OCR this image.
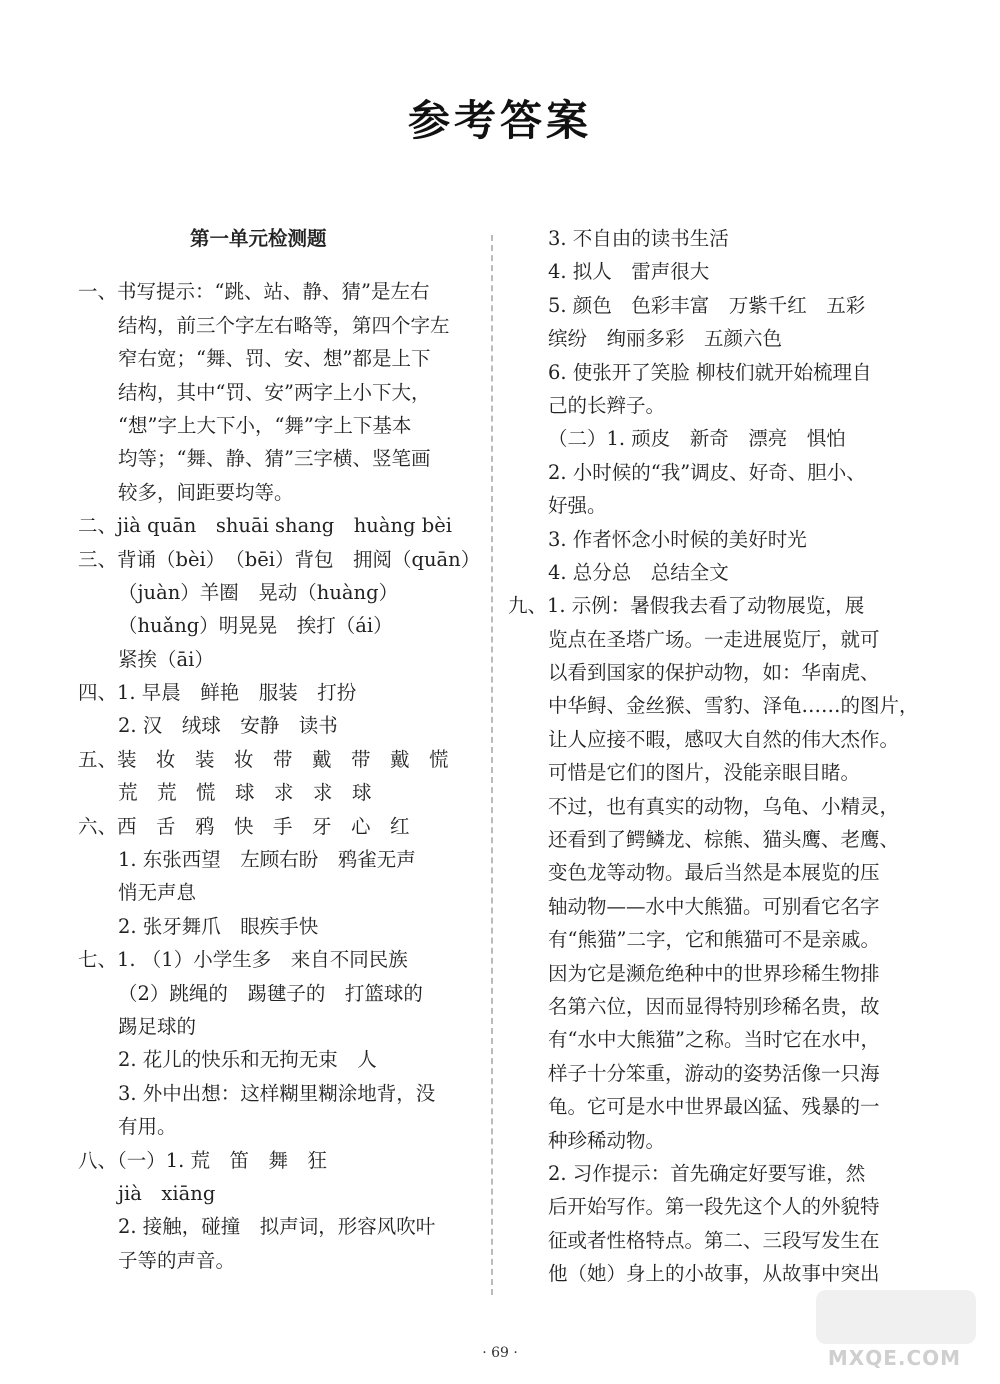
参考答案
第一单元检测题
一、书写提示：“跳、站、静、猜”是左右
结构，前三个字左右略等，第四个字左
窄右宽；“舞、罚、安、想”都是上下
结构，其中“罚、安”两字上小下大，
“想”字上大下小，“舞”字上下基本
均等；“舞、静、猜”三字横、竖笔画
较多，间距要均等。
二、jià quān　shuāi shang　huàng bèi
三、背诵（bèi）　（bēi）背包　拥阅（quān）
（juàn）羊圈　晃动（huàng）
（huǎng）明晃晃　挨打（ái）
紧挨（āi）
四、1. 早晨　鲜艳　服装　打扮
2. 汉　绒球　安静　读书
五、装　妆　装　妆　带　戴　带　戴　慌
荒　荒　慌　球　求　求　球
六、西　舌　鸦　快　手　牙　心　红
1. 东张西望　左顾右盼　鸦雀无声
悄无声息
2. 张牙舞爪　眼疾手快
七、1. （1）小学生多　来自不同民族
（2）跳绳的　踢毽子的　打篮球的
踢足球的
2. 花儿的快乐和无拘无束　人
3. 外中出想：这样糊里糊涂地背，没
有用。
八、（一）1. 荒　笛　舞　狂
jià　xiāng
2. 接触，碰撞　拟声词，形容风吹叶
子等的声音。
3. 不自由的读书生活
4. 拟人　雷声很大
5. 颜色　色彩丰富　万紫千红　五彩
缤纷　绚丽多彩　五颜六色
6. 使张开了笑脸 柳枝们就开始梳理自
己的长辫子。
（二）1. 顽皮　新奇　漂亮　惧怕
2. 小时候的“我”调皮、好奇、胆小、
好强。
3. 作者怀念小时候的美好时光
4. 总分总　总结全文
九、1. 示例：暑假我去看了动物展览，展
览点在圣塔广场。一走进展览厅，就可
以看到国家的保护动物，如：华南虎、
中华鲟、金丝猴、雪豹、泽龟……的图片，
让人应接不暇，感叹大自然的伟大杰作。
可惜是它们的图片，没能亲眼目睹。
不过，也有真实的动物，乌龟、小精灵，
还看到了鳄鳞龙、棕熊、猫头鹰、老鹰、
变色龙等动物。最后当然是本展览的压
轴动物——水中大熊猫。可别看它名字
有“熊猫”二字，它和熊猫可不是亲戚。
因为它是濒危绝种中的世界珍稀生物排
名第六位，因而显得特别珍稀名贵，故
有“水中大熊猫”之称。当时它在水中，
样子十分笨重，游动的姿势活像一只海
龟。它可是水中世界最凶猛、残暴的一
种珍稀动物。
2. 习作提示：首先确定好要写谁，然
后开始写作。第一段先这个人的外貌特
征或者性格特点。第二、三段写发生在
他（她）身上的小故事，从故事中突出
· 69 ·	MXQE.COM
